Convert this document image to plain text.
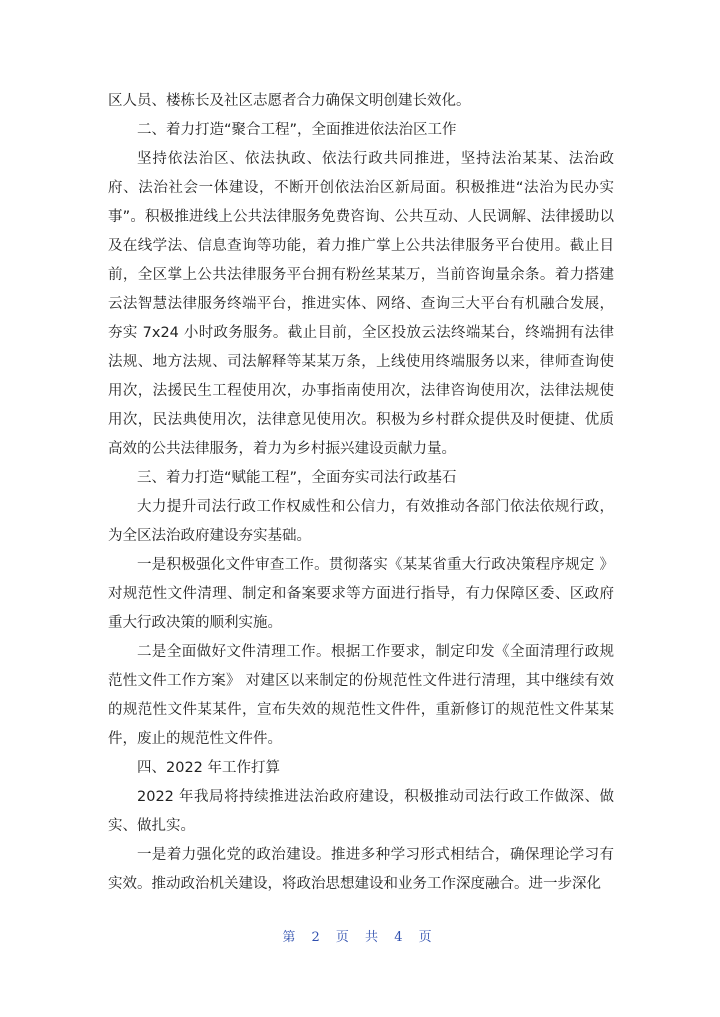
区人员、楼栋长及社区志愿者合力确保文明创建长效化。

二、着力打造“聚合工程”，全面推进依法治区工作

坚持依法治区、依法执政、依法行政共同推进，坚持法治某某、法治政府、法治社会一体建设，不断开创依法治区新局面。积极推进“法治为民办实事”。积极推进线上公共法律服务免费咨询、公共互动、人民调解、法律援助以及在线学法、信息查询等功能，着力推广掌上公共法律服务平台使用。截止目前，全区掌上公共法律服务平台拥有粉丝某某万，当前咨询量余条。着力搭建云法智慧法律服务终端平台，推进实体、网络、查询三大平台有机融合发展，夯实 7x24 小时政务服务。截止目前，全区投放云法终端某台，终端拥有法律法规、地方法规、司法解释等某某万条，上线使用终端服务以来，律师查询使用次，法援民生工程使用次，办事指南使用次，法律咨询使用次，法律法规使用次，民法典使用次，法律意见使用次。积极为乡村群众提供及时便捷、优质高效的公共法律服务，着力为乡村振兴建设贡献力量。

三、着力打造“赋能工程”，全面夯实司法行政基石

大力提升司法行政工作权威性和公信力，有效推动各部门依法依规行政，为全区法治政府建设夯实基础。

一是积极强化文件审查工作。贯彻落实《某某省重大行政决策程序规定 》对规范性文件清理、制定和备案要求等方面进行指导，有力保障区委、区政府重大行政决策的顺利实施。

二是全面做好文件清理工作。根据工作要求，制定印发《全面清理行政规范性文件工作方案》 对建区以来制定的份规范性文件进行清理，其中继续有效的规范性文件某某件，宣布失效的规范性文件件，重新修订的规范性文件某某件，废止的规范性文件件。

四、2022 年工作打算

2022 年我局将持续推进法治政府建设，积极推动司法行政工作做深、做实、做扎实。

一是着力强化党的政治建设。推进多种学习形式相结合，确保理论学习有实效。推动政治机关建设，将政治思想建设和业务工作深度融合。进一步深化

第 2 页 共 4 页
